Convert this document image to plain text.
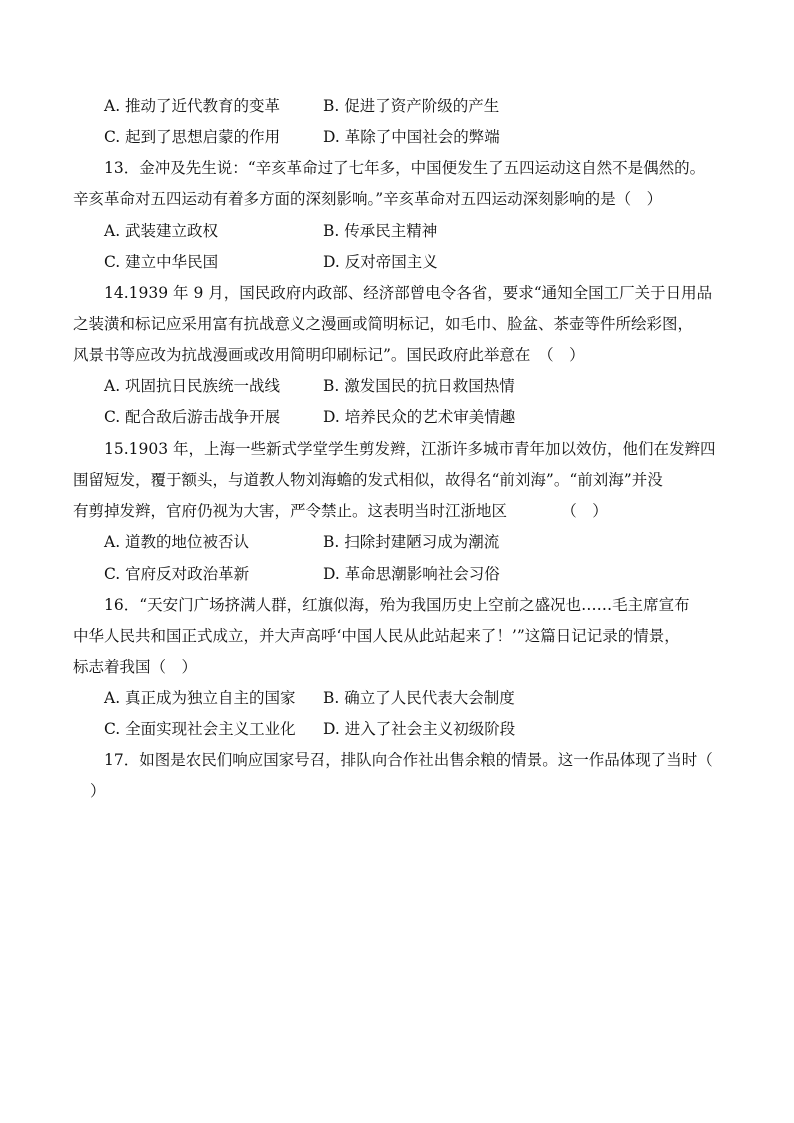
A. 推动了近代教育的变革	B. 促进了资产阶级的产生
C. 起到了思想启蒙的作用	D. 革除了中国社会的弊端
13．金冲及先生说：“辛亥革命过了七年多，中国便发生了五四运动这自然不是偶然的。
辛亥革命对五四运动有着多方面的深刻影响。”辛亥革命对五四运动深刻影响的是（　）
A. 武装建立政权	B. 传承民主精神
C. 建立中华民国	D. 反对帝国主义
14.1939 年 9 月，国民政府内政部、经济部曾电令各省，要求“通知全国工厂关于日用品
之装潢和标记应采用富有抗战意义之漫画或简明标记，如毛巾、脸盆、茶壶等件所绘彩图，
风景书等应改为抗战漫画或改用简明印刷标记”。国民政府此举意在　（　）
A. 巩固抗日民族统一战线	B. 激发国民的抗日救国热情
C. 配合敌后游击战争开展	D. 培养民众的艺术审美情趣
15.1903 年，上海一些新式学堂学生剪发辫，江浙许多城市青年加以效仿，他们在发辫四
围留短发，覆于额头，与道教人物刘海蟾的发式相似，故得名“前刘海”。“前刘海”并没
有剪掉发辫，官府仍视为大害，严令禁止。这表明当时江浙地区　　　　（　）
A. 道教的地位被否认	B. 扫除封建陋习成为潮流
C. 官府反对政治革新	D. 革命思潮影响社会习俗
16．“天安门广场挤满人群，红旗似海，殆为我国历史上空前之盛况也……毛主席宣布
中华人民共和国正式成立，并大声高呼‘中国人民从此站起来了！’”这篇日记记录的情景，
标志着我国（　）
A. 真正成为独立自主的国家 B. 确立了人民代表大会制度
C. 全面实现社会主义工业化 D. 进入了社会主义初级阶段
17．如图是农民们响应国家号召，排队向合作社出售余粮的情景。这一作品体现了当时（
）
